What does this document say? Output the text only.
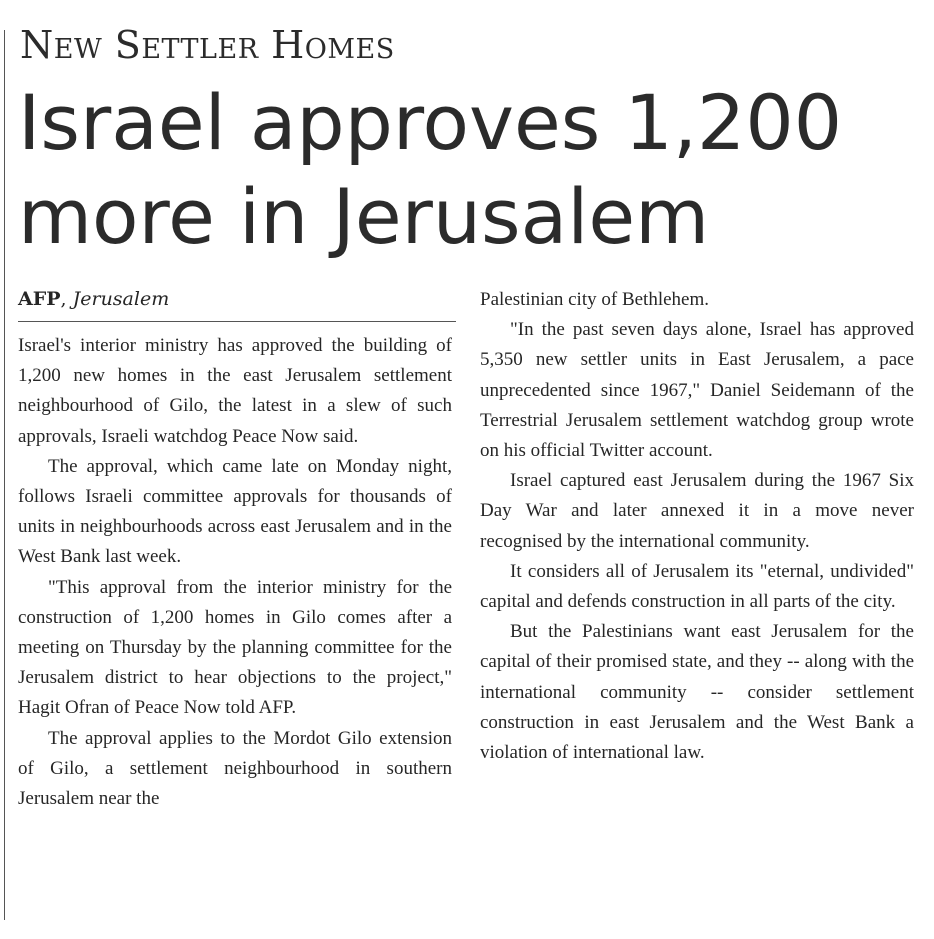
New Settler Homes
Israel approves 1,200
more in Jerusalem
AFP, Jerusalem

Israel's interior ministry has approved the building of 1,200 new homes in the east Jerusalem settlement neighbourhood of Gilo, the latest in a slew of such approvals, Israeli watchdog Peace Now said.

The approval, which came late on Monday night, follows Israeli committee approvals for thousands of units in neighbourhoods across east Jerusalem and in the West Bank last week.

"This approval from the interior ministry for the construction of 1,200 homes in Gilo comes after a meeting on Thursday by the planning committee for the Jerusalem district to hear objections to the project," Hagit Ofran of Peace Now told AFP.

The approval applies to the Mordot Gilo extension of Gilo, a settlement neighbourhood in southern Jerusalem near the

Palestinian city of Bethlehem.

"In the past seven days alone, Israel has approved 5,350 new settler units in East Jerusalem, a pace unprecedented since 1967," Daniel Seidemann of the Terrestrial Jerusalem settlement watchdog group wrote on his official Twitter account.

Israel captured east Jerusalem during the 1967 Six Day War and later annexed it in a move never recognised by the international community.

It considers all of Jerusalem its "eternal, undivided" capital and defends construction in all parts of the city.

But the Palestinians want east Jerusalem for the capital of their promised state, and they -- along with the international community -- consider settlement construction in east Jerusalem and the West Bank a violation of international law.
